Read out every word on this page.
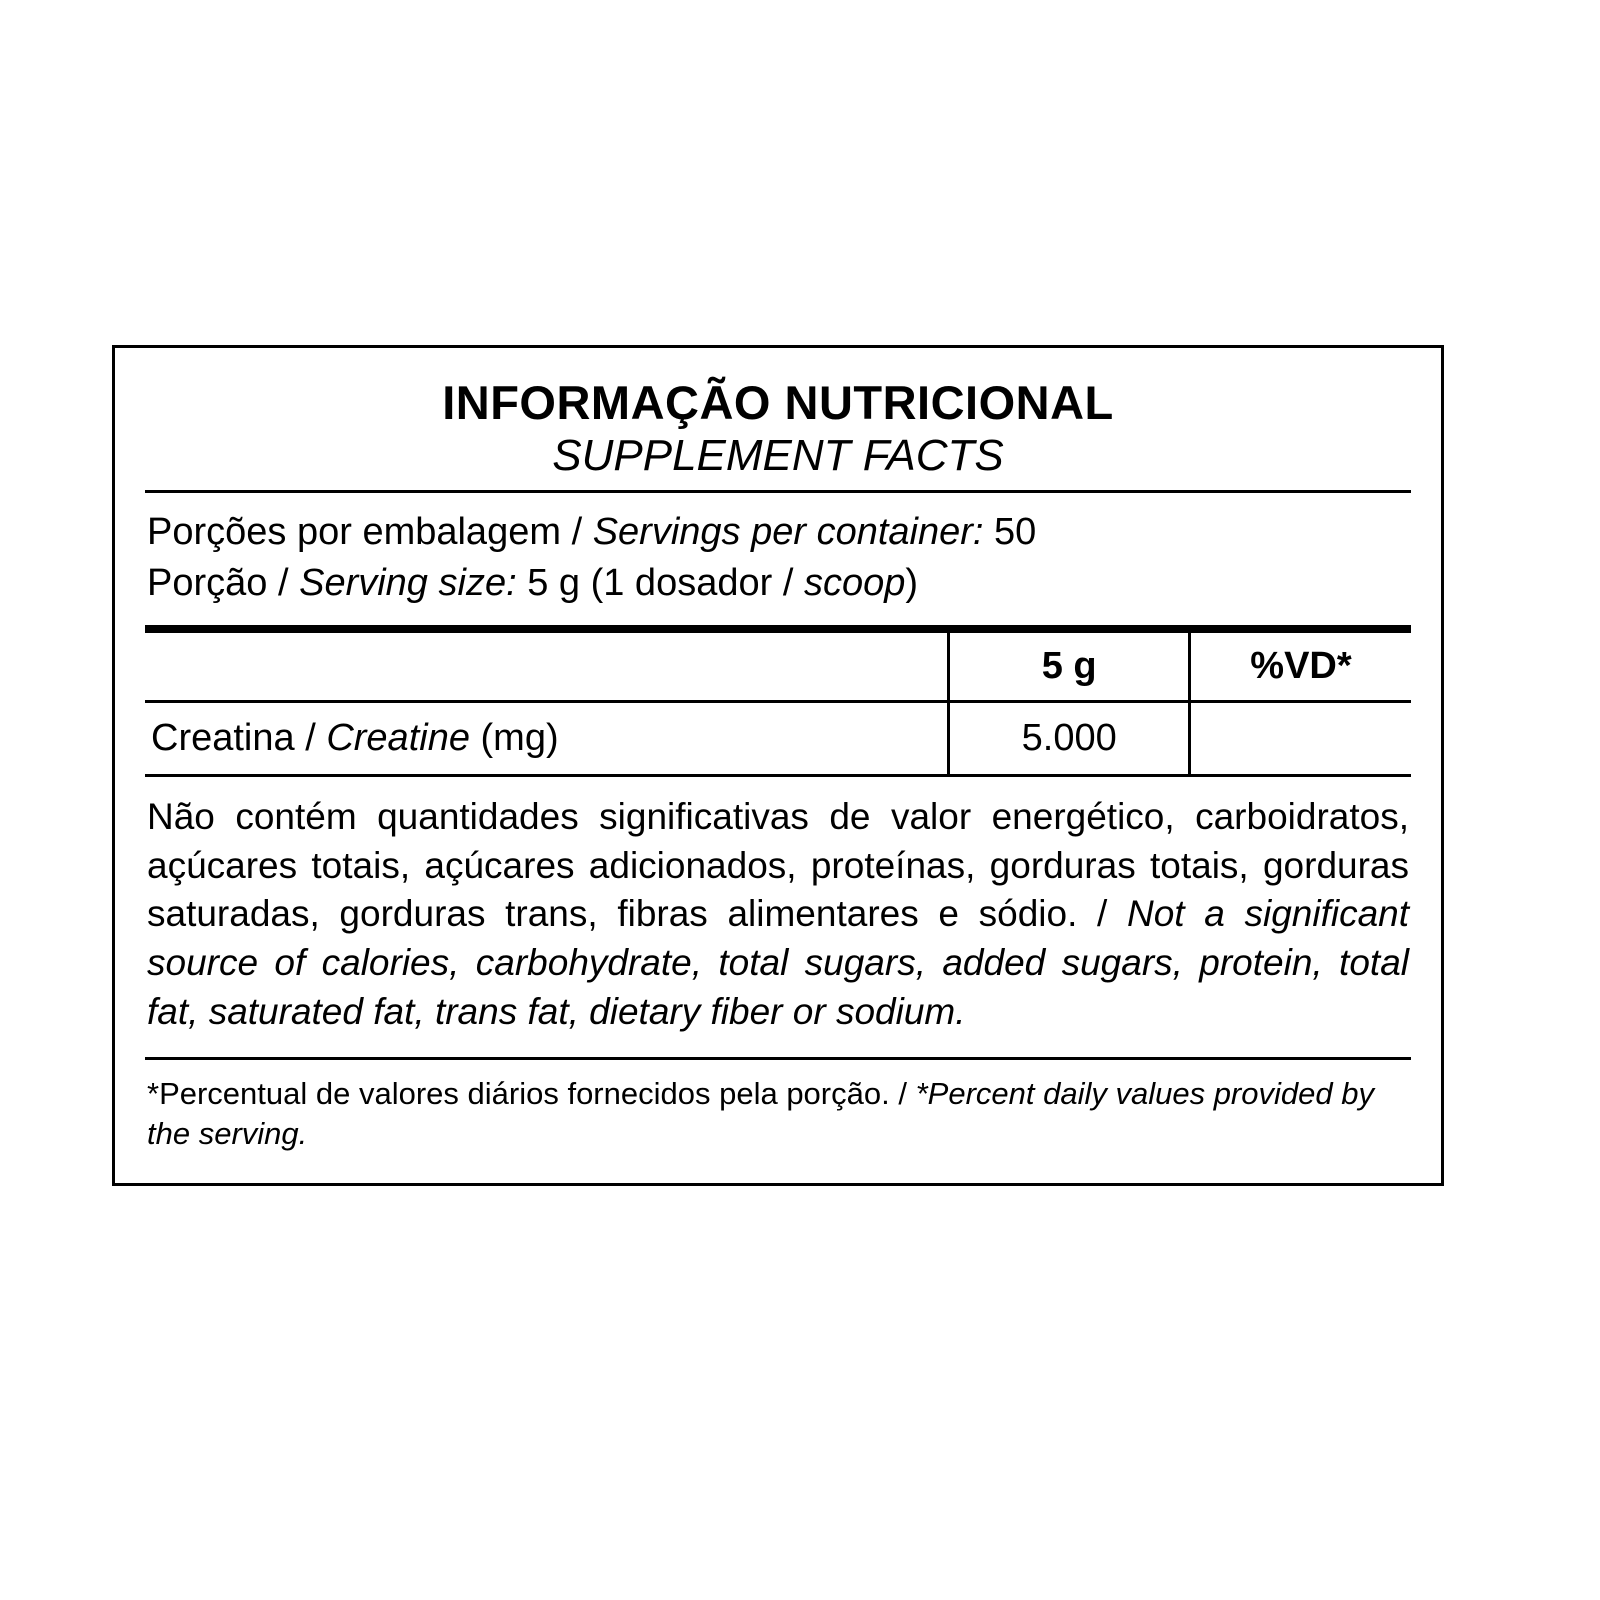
INFORMAÇÃO NUTRICIONAL
SUPPLEMENT FACTS
Porções por embalagem / Servings per container: 50
Porção / Serving size: 5 g (1 dosador / scoop)
	5 g	%VD*
Creatina / Creatine (mg)	5.000	
Não contém quantidades significativas de valor energético, carboidratos, açúcares totais, açúcares adicionados, proteínas, gorduras totais, gorduras saturadas, gorduras trans, fibras alimentares e sódio. / Not a significant source of calories, carbohydrate, total sugars, added sugars, protein, total fat, saturated fat, trans fat, dietary fiber or sodium.
*Percentual de valores diários fornecidos pela porção. / *Percent daily values provided by the serving.
